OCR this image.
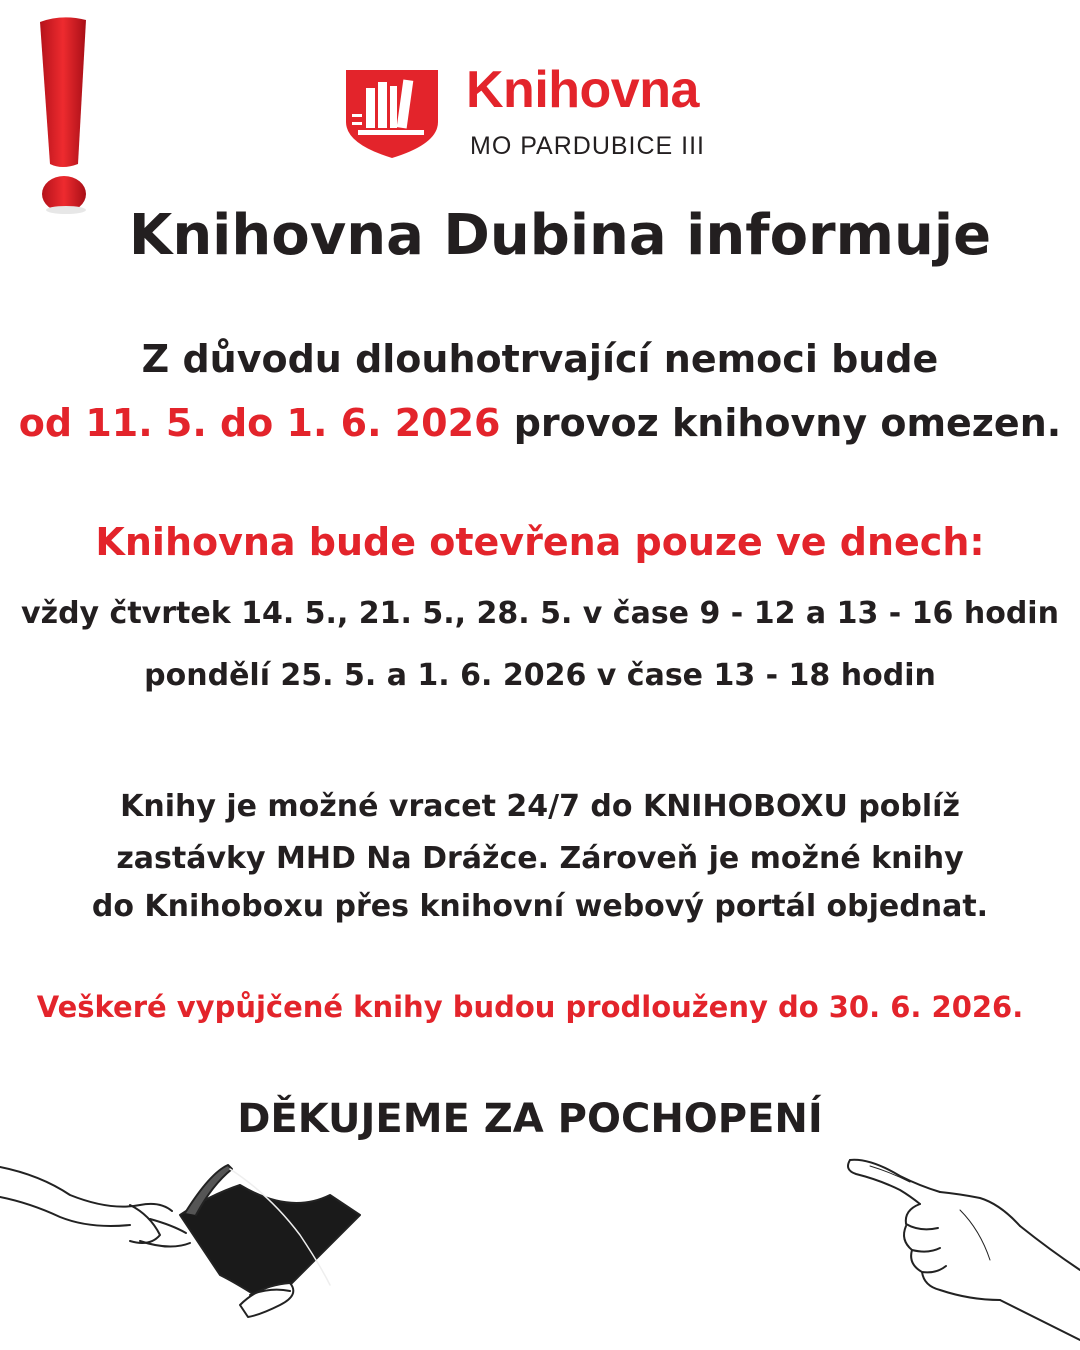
Knihovna
MO PARDUBICE III
Knihovna Dubina informuje
Z důvodu dlouhotrvající nemoci bude
od 11. 5. do 1. 6. 2026 provoz knihovny omezen.
Knihovna bude otevřena pouze ve dnech:
vždy čtvrtek 14. 5., 21. 5., 28. 5. v čase 9 - 12 a 13 - 16 hodin
pondělí 25. 5. a 1. 6. 2026 v čase 13 - 18 hodin
Knihy je možné vracet 24/7 do KNIHOBOXU poblíž
zastávky MHD Na Drážce. Zároveň je možné knihy
do Knihoboxu přes knihovní webový portál objednat.
Veškeré vypůjčené knihy budou prodlouženy do 30. 6. 2026.
DĚKUJEME ZA POCHOPENÍ
